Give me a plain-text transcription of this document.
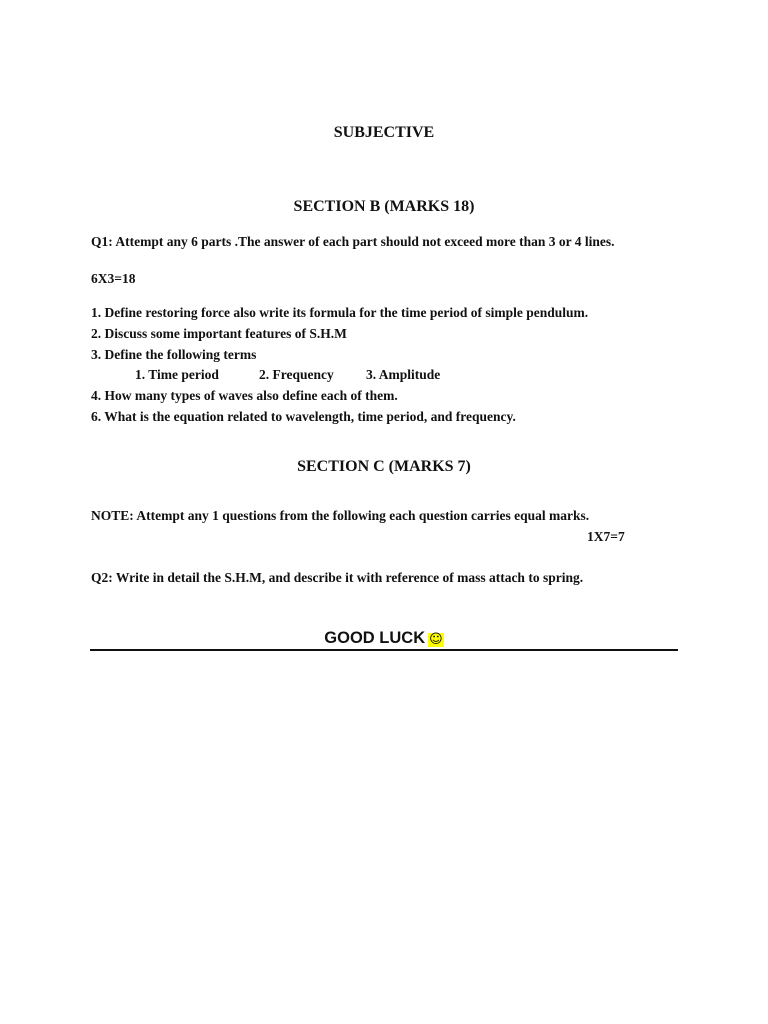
SUBJECTIVE
SECTION B (MARKS 18)
Q1: Attempt any 6 parts .The answer of each part should not exceed more than 3 or 4 lines.
6X3=18
1. Define restoring force also write its formula for the time period of simple pendulum.
2. Discuss some important features of S.H.M
3. Define the following terms
1. Time period	2. Frequency 3. Amplitude
4. How many types of waves also define each of them.
6. What is the equation related to wavelength, time period, and frequency.
SECTION C (MARKS 7)
NOTE: Attempt any 1 questions from the following each question carries equal marks.
1X7=7
Q2: Write in detail the S.H.M, and describe it with reference of mass attach to spring.
GOOD LUCK ☺
